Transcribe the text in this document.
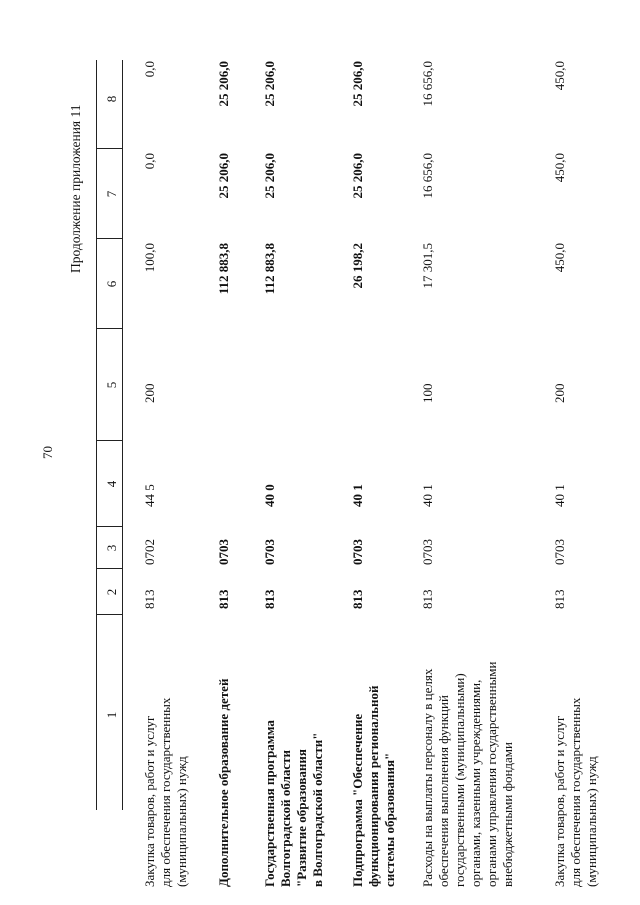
70
Продолжение приложения 11
1
2
3
4
5
6
7
8
Закупка товаров, работ и услуг
для обеспечения государственных
(муниципальных) нужд
813
0702
44 5
200
100,0
0,0
0,0
Дополнительное образование детей
813
0703
112 883,8
25 206,0
25 206,0
Государственная программа
Волгоградской области
"Развитие образования
в Волгоградской области"
813
0703
40 0
112 883,8
25 206,0
25 206,0
Подпрограмма "Обеспечение
функционирования региональной
системы образования"
813
0703
40 1
26 198,2
25 206,0
25 206,0
Расходы на выплаты персоналу в целях
обеспечения выполнения функций
государственными (муниципальными)
органами, казенными учреждениями,
органами управления государственными
внебюджетными фондами
813
0703
40 1
100
17 301,5
16 656,0
16 656,0
Закупка товаров, работ и услуг
для обеспечения государственных
(муниципальных) нужд
813
0703
40 1
200
450,0
450,0
450,0
